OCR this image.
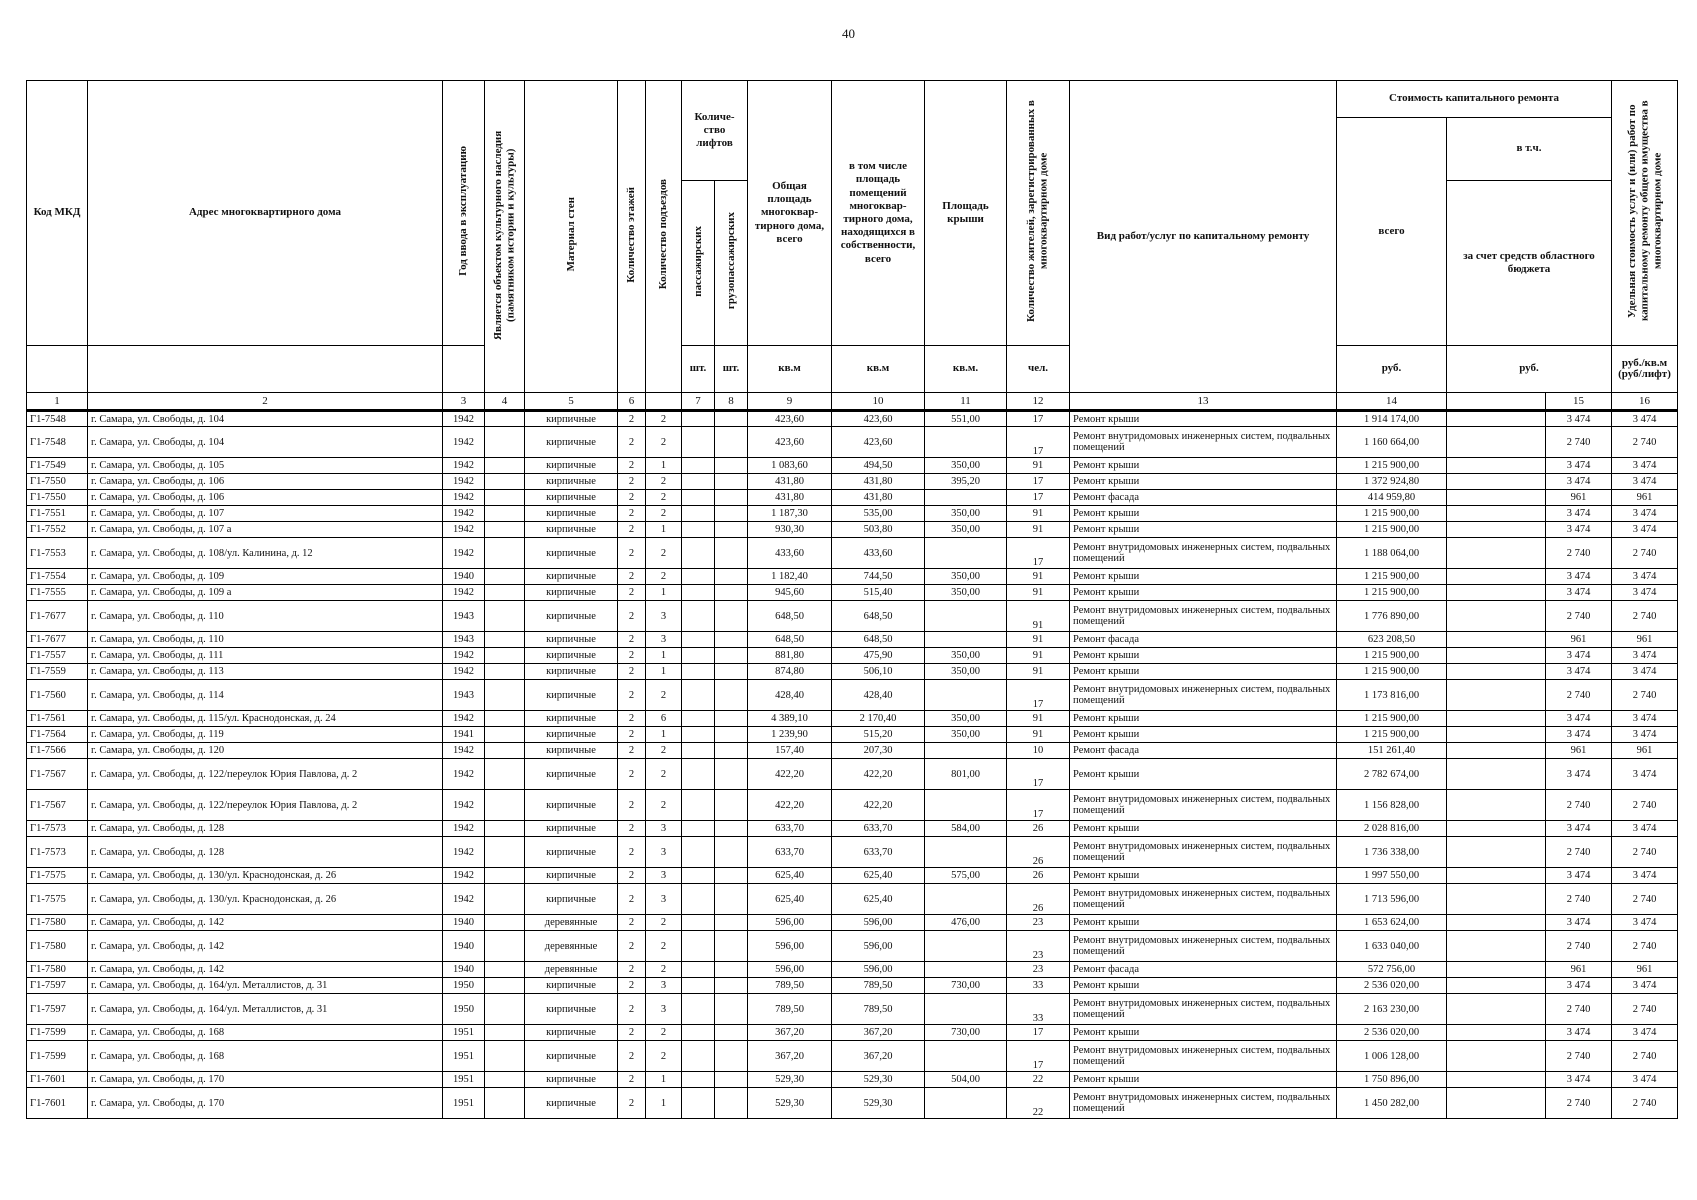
40
Код МКД	Адрес многоквартирного дома	Год ввода в эксплуатацию	Является объектом культурного наследия (памятником истории и культуры)	Материал стен	Количество этажей	Количество подъездов	Количе-ство лифтов		Общая площадь многоквар-тирного дома, всего	в том числе площадь помещений многоквар-тирного дома, находящихся в собственности, всего	Площадь крыши	Количество жителей, зарегистрированных в многоквартирном доме	Вид работ/услуг по капитальному ремонту	Стоимость капитального ремонта			Удельная стоимость услуг и (или) работ по капитальному ремонту общего имущества в многоквартирном доме	
														всего	в т.ч.			
							пассажирских	грузопассажирских							за счет средств областного бюджета			
							шт.	шт.	кв.м	кв.м	кв.м.	чел.		руб.	руб.		руб./кв.м (руб/лифт)	
1	2	3	4	5	6		7	8	9	10	11	12	13	14		15	16	
Г1-7548	г. Самара, ул. Свободы, д. 104	1942		кирпичные	2	2			423,60	423,60	551,00	17	Ремонт крыши	1 914 174,00		3 474	3 474	
Г1-7548	г. Самара, ул. Свободы, д. 104	1942		кирпичные	2	2			423,60	423,60		17	Ремонт внутридомовых инженерных систем, подвальных помещений	1 160 664,00		2 740	2 740	
Г1-7549	г. Самара, ул. Свободы, д. 105	1942		кирпичные	2	1			1 083,60	494,50	350,00	91	Ремонт крыши	1 215 900,00		3 474	3 474	
Г1-7550	г. Самара, ул. Свободы, д. 106	1942		кирпичные	2	2			431,80	431,80	395,20	17	Ремонт крыши	1 372 924,80		3 474	3 474	
Г1-7550	г. Самара, ул. Свободы, д. 106	1942		кирпичные	2	2			431,80	431,80		17	Ремонт фасада	414 959,80		961	961	
Г1-7551	г. Самара, ул. Свободы, д. 107	1942		кирпичные	2	2			1 187,30	535,00	350,00	91	Ремонт крыши	1 215 900,00		3 474	3 474	
Г1-7552	г. Самара, ул. Свободы, д. 107 а	1942		кирпичные	2	1			930,30	503,80	350,00	91	Ремонт крыши	1 215 900,00		3 474	3 474	
Г1-7553	г. Самара, ул. Свободы, д. 108/ул. Калинина, д. 12	1942		кирпичные	2	2			433,60	433,60		17	Ремонт внутридомовых инженерных систем, подвальных помещений	1 188 064,00		2 740	2 740	
Г1-7554	г. Самара, ул. Свободы, д. 109	1940		кирпичные	2	2			1 182,40	744,50	350,00	91	Ремонт крыши	1 215 900,00		3 474	3 474	
Г1-7555	г. Самара, ул. Свободы, д. 109 а	1942		кирпичные	2	1			945,60	515,40	350,00	91	Ремонт крыши	1 215 900,00		3 474	3 474	
Г1-7677	г. Самара, ул. Свободы, д. 110	1943		кирпичные	2	3			648,50	648,50		91	Ремонт внутридомовых инженерных систем, подвальных помещений	1 776 890,00		2 740	2 740	
Г1-7677	г. Самара, ул. Свободы, д. 110	1943		кирпичные	2	3			648,50	648,50		91	Ремонт фасада	623 208,50		961	961	
Г1-7557	г. Самара, ул. Свободы, д. 111	1942		кирпичные	2	1			881,80	475,90	350,00	91	Ремонт крыши	1 215 900,00		3 474	3 474	
Г1-7559	г. Самара, ул. Свободы, д. 113	1942		кирпичные	2	1			874,80	506,10	350,00	91	Ремонт крыши	1 215 900,00		3 474	3 474	
Г1-7560	г. Самара, ул. Свободы, д. 114	1943		кирпичные	2	2			428,40	428,40		17	Ремонт внутридомовых инженерных систем, подвальных помещений	1 173 816,00		2 740	2 740	
Г1-7561	г. Самара, ул. Свободы, д. 115/ул. Краснодонская, д. 24	1942		кирпичные	2	6			4 389,10	2 170,40	350,00	91	Ремонт крыши	1 215 900,00		3 474	3 474	
Г1-7564	г. Самара, ул. Свободы, д. 119	1941		кирпичные	2	1			1 239,90	515,20	350,00	91	Ремонт крыши	1 215 900,00		3 474	3 474	
Г1-7566	г. Самара, ул. Свободы, д. 120	1942		кирпичные	2	2			157,40	207,30		10	Ремонт фасада	151 261,40		961	961	
Г1-7567	г. Самара, ул. Свободы, д. 122/переулок Юрия Павлова, д. 2	1942		кирпичные	2	2			422,20	422,20	801,00	17	Ремонт крыши	2 782 674,00		3 474	3 474	
Г1-7567	г. Самара, ул. Свободы, д. 122/переулок Юрия Павлова, д. 2	1942		кирпичные	2	2			422,20	422,20		17	Ремонт внутридомовых инженерных систем, подвальных помещений	1 156 828,00		2 740	2 740	
Г1-7573	г. Самара, ул. Свободы, д. 128	1942		кирпичные	2	3			633,70	633,70	584,00	26	Ремонт крыши	2 028 816,00		3 474	3 474	
Г1-7573	г. Самара, ул. Свободы, д. 128	1942		кирпичные	2	3			633,70	633,70		26	Ремонт внутридомовых инженерных систем, подвальных помещений	1 736 338,00		2 740	2 740	
Г1-7575	г. Самара, ул. Свободы, д. 130/ул. Краснодонская, д. 26	1942		кирпичные	2	3			625,40	625,40	575,00	26	Ремонт крыши	1 997 550,00		3 474	3 474	
Г1-7575	г. Самара, ул. Свободы, д. 130/ул. Краснодонская, д. 26	1942		кирпичные	2	3			625,40	625,40		26	Ремонт внутридомовых инженерных систем, подвальных помещений	1 713 596,00		2 740	2 740	
Г1-7580	г. Самара, ул. Свободы, д. 142	1940		деревянные	2	2			596,00	596,00	476,00	23	Ремонт крыши	1 653 624,00		3 474	3 474	
Г1-7580	г. Самара, ул. Свободы, д. 142	1940		деревянные	2	2			596,00	596,00		23	Ремонт внутридомовых инженерных систем, подвальных помещений	1 633 040,00		2 740	2 740	
Г1-7580	г. Самара, ул. Свободы, д. 142	1940		деревянные	2	2			596,00	596,00		23	Ремонт фасада	572 756,00		961	961	
Г1-7597	г. Самара, ул. Свободы, д. 164/ул. Металлистов, д. 31	1950		кирпичные	2	3			789,50	789,50	730,00	33	Ремонт крыши	2 536 020,00		3 474	3 474	
Г1-7597	г. Самара, ул. Свободы, д. 164/ул. Металлистов, д. 31	1950		кирпичные	2	3			789,50	789,50		33	Ремонт внутридомовых инженерных систем, подвальных помещений	2 163 230,00		2 740	2 740	
Г1-7599	г. Самара, ул. Свободы, д. 168	1951		кирпичные	2	2			367,20	367,20	730,00	17	Ремонт крыши	2 536 020,00		3 474	3 474	
Г1-7599	г. Самара, ул. Свободы, д. 168	1951		кирпичные	2	2			367,20	367,20		17	Ремонт внутридомовых инженерных систем, подвальных помещений	1 006 128,00		2 740	2 740	
Г1-7601	г. Самара, ул. Свободы, д. 170	1951		кирпичные	2	1			529,30	529,30	504,00	22	Ремонт крыши	1 750 896,00		3 474	3 474	
Г1-7601	г. Самара, ул. Свободы, д. 170	1951		кирпичные	2	1			529,30	529,30		22	Ремонт внутридомовых инженерных систем, подвальных помещений	1 450 282,00		2 740	2 740	
